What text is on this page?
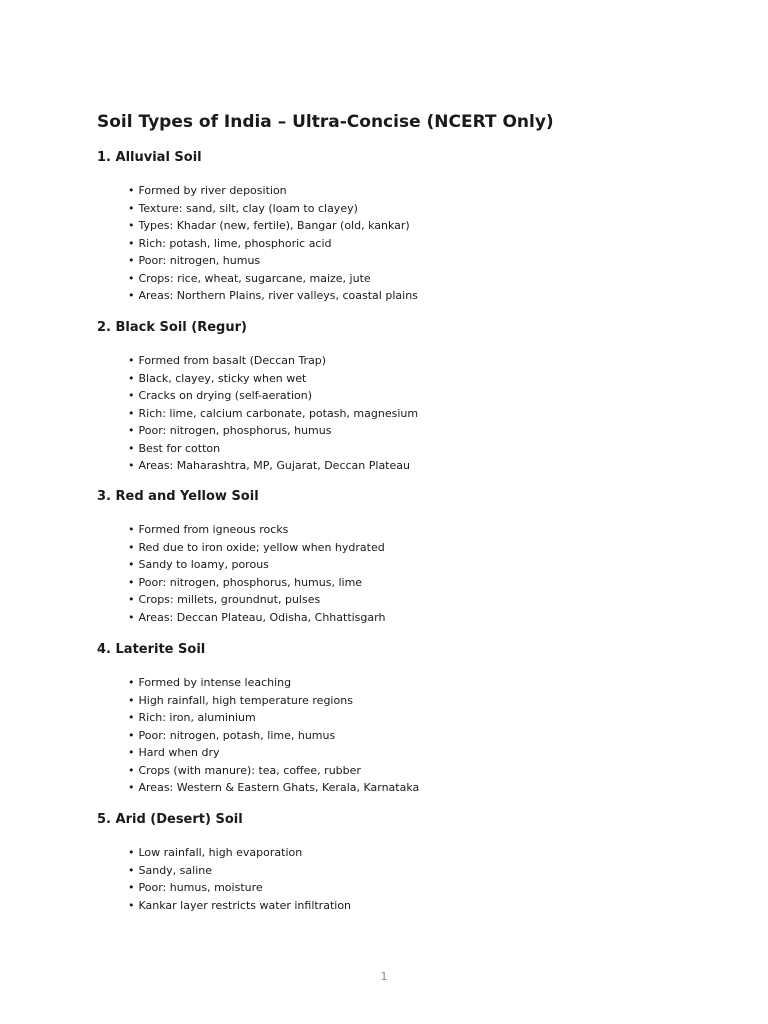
Soil Types of India – Ultra-Concise (NCERT Only)
1. Alluvial Soil
• Formed by river deposition
• Texture: sand, silt, clay (loam to clayey)
• Types: Khadar (new, fertile), Bangar (old, kankar)
• Rich: potash, lime, phosphoric acid
• Poor: nitrogen, humus
• Crops: rice, wheat, sugarcane, maize, jute
• Areas: Northern Plains, river valleys, coastal plains
2. Black Soil (Regur)
• Formed from basalt (Deccan Trap)
• Black, clayey, sticky when wet
• Cracks on drying (self-aeration)
• Rich: lime, calcium carbonate, potash, magnesium
• Poor: nitrogen, phosphorus, humus
• Best for cotton
• Areas: Maharashtra, MP, Gujarat, Deccan Plateau
3. Red and Yellow Soil
• Formed from igneous rocks
• Red due to iron oxide; yellow when hydrated
• Sandy to loamy, porous
• Poor: nitrogen, phosphorus, humus, lime
• Crops: millets, groundnut, pulses
• Areas: Deccan Plateau, Odisha, Chhattisgarh
4. Laterite Soil
• Formed by intense leaching
• High rainfall, high temperature regions
• Rich: iron, aluminium
• Poor: nitrogen, potash, lime, humus
• Hard when dry
• Crops (with manure): tea, coffee, rubber
• Areas: Western & Eastern Ghats, Kerala, Karnataka
5. Arid (Desert) Soil
• Low rainfall, high evaporation
• Sandy, saline
• Poor: humus, moisture
• Kankar layer restricts water infiltration
1
